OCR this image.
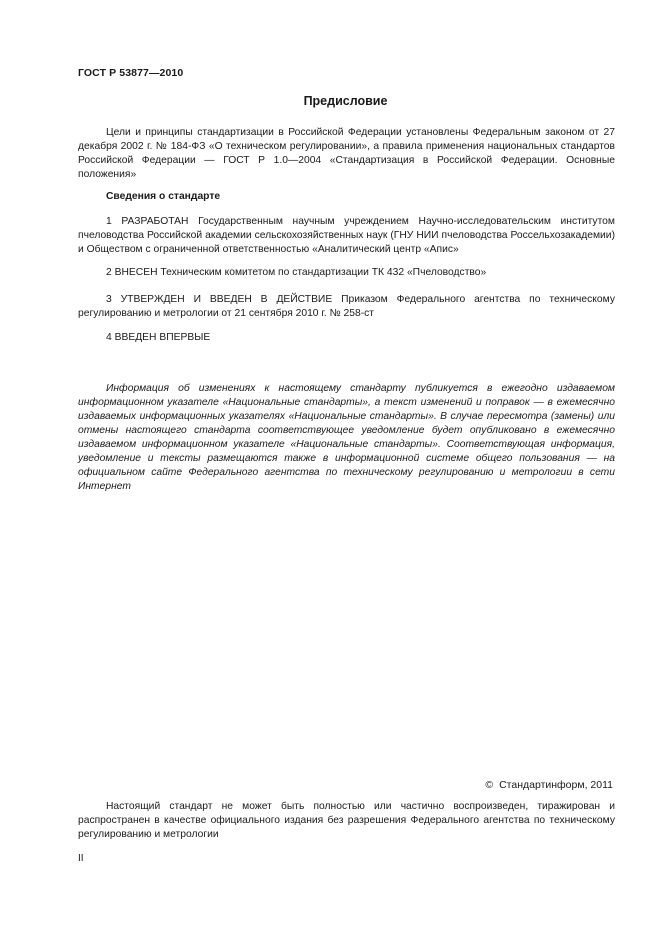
ГОСТ Р 53877—2010
Предисловие

Цели и принципы стандартизации в Российской Федерации установлены Федеральным законом от 27 декабря 2002 г. № 184-ФЗ «О техническом регулировании», а правила применения национальных стандартов Российской Федерации — ГОСТ Р 1.0—2004 «Стандартизация в Российской Федерации. Основные положения»

Сведения о стандарте

1 РАЗРАБОТАН Государственным научным учреждением Научно-исследовательским институтом пчеловодства Российской академии сельскохозяйственных наук (ГНУ НИИ пчеловодства Россельхозакадемии) и Обществом с ограниченной ответственностью «Аналитический центр «Апис»

2 ВНЕСЕН Техническим комитетом по стандартизации ТК 432 «Пчеловодство»

3 УТВЕРЖДЕН И ВВЕДЕН В ДЕЙСТВИЕ Приказом Федерального агентства по техническому регулированию и метрологии от 21 сентября 2010 г. № 258-ст

4 ВВЕДЕН ВПЕРВЫЕ

Информация об изменениях к настоящему стандарту публикуется в ежегодно издаваемом информационном указателе «Национальные стандарты», а текст изменений и поправок — в ежемесячно издаваемых информационных указателях «Национальные стандарты». В случае пересмотра (замены) или отмены настоящего стандарта соответствующее уведомление будет опубликовано в ежемесячно издаваемом информационном указателе «Национальные стандарты». Соответствующая информация, уведомление и тексты размещаются также в информационной системе общего пользования — на официальном сайте Федерального агентства по техническому регулированию и метрологии в сети Интернет

© Стандартинформ, 2011

Настоящий стандарт не может быть полностью или частично воспроизведен, тиражирован и распространен в качестве официального издания без разрешения Федерального агентства по техническому регулированию и метрологии

II
